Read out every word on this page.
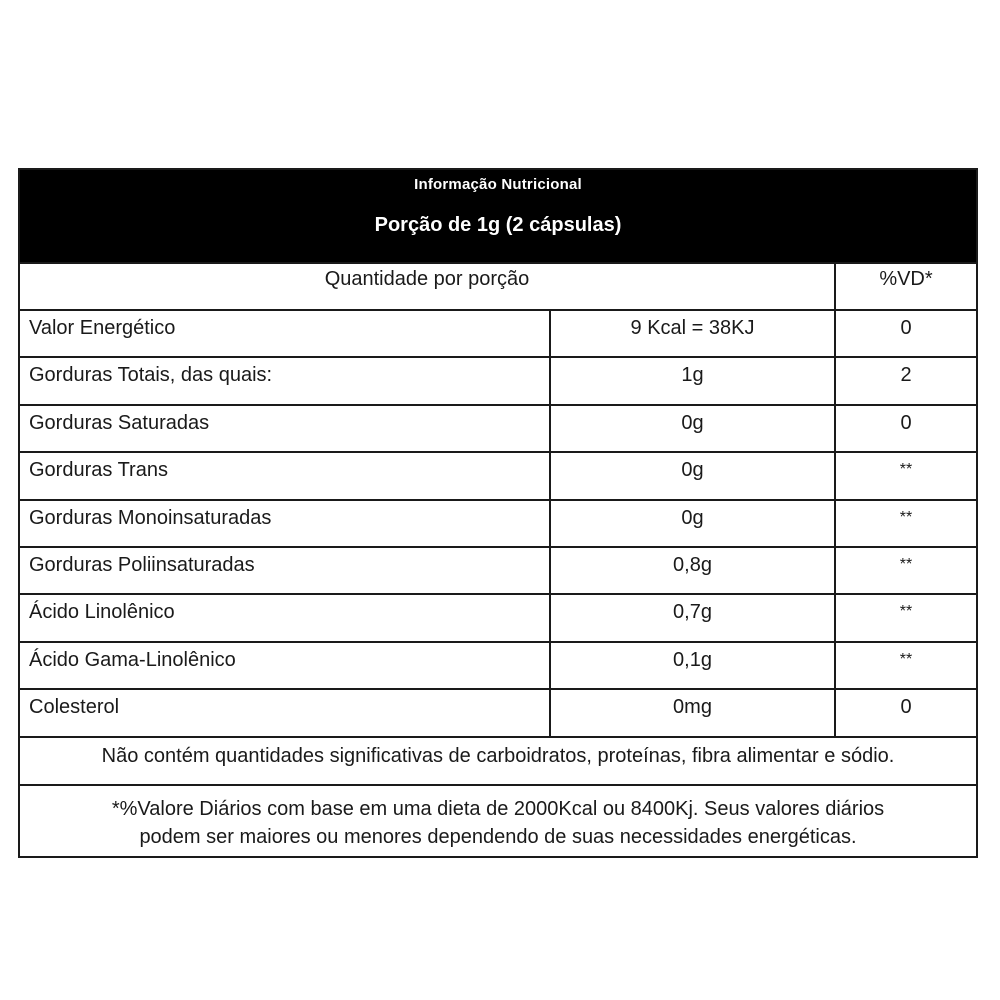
Informação Nutricional
Porção de 1g (2 cápsulas)
Quantidade por porção		%VD*
Valor Energético	9 Kcal = 38KJ	0
Gorduras Totais, das quais:	1g	2
Gorduras Saturadas	0g	0
Gorduras Trans	0g	**
Gorduras Monoinsaturadas	0g	**
Gorduras Poliinsaturadas	0,8g	**
Ácido Linolênico	0,7g	**
Ácido Gama-Linolênico	0,1g	**
Colesterol	0mg	0
Não contém quantidades significativas de carboidratos, proteínas, fibra alimentar e sódio.		
*%Valore Diários com base em uma dieta de 2000Kcal ou 8400Kj. Seus valores diários
podem ser maiores ou menores dependendo de suas necessidades energéticas.		
